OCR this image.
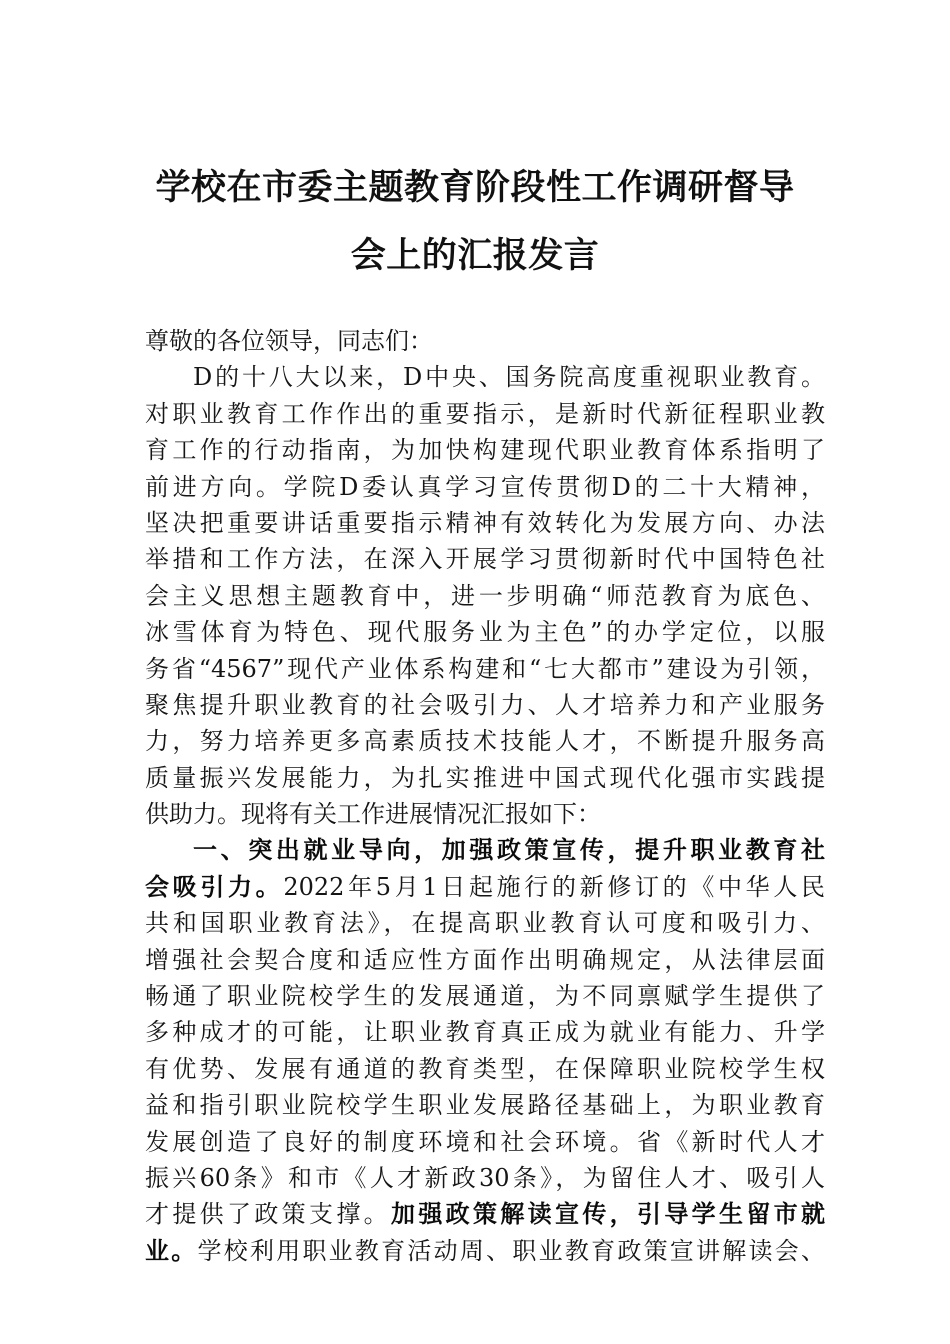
学校在市委主题教育阶段性工作调研督导
会上的汇报发言
尊敬的各位领导，同志们：
D的十八大以来，D中央、国务院高度重视职业教育。
对职业教育工作作出的重要指示，是新时代新征程职业教
育工作的行动指南，为加快构建现代职业教育体系指明了
前进方向。学院D委认真学习宣传贯彻D的二十大精神，
坚决把重要讲话重要指示精神有效转化为发展方向、办法
举措和工作方法，在深入开展学习贯彻新时代中国特色社
会主义思想主题教育中，进一步明确“师范教育为底色、
冰雪体育为特色、现代服务业为主色”的办学定位，以服
务省“4567”现代产业体系构建和“七大都市”建设为引领，
聚焦提升职业教育的社会吸引力、人才培养力和产业服务
力，努力培养更多高素质技术技能人才，不断提升服务高
质量振兴发展能力，为扎实推进中国式现代化强市实践提
供助力。现将有关工作进展情况汇报如下：
一、突出就业导向，加强政策宣传，提升职业教育社
会吸引力。2022年5月1日起施行的新修订的《中华人民
共和国职业教育法》，在提高职业教育认可度和吸引力、
增强社会契合度和适应性方面作出明确规定，从法律层面
畅通了职业院校学生的发展通道，为不同禀赋学生提供了
多种成才的可能，让职业教育真正成为就业有能力、升学
有优势、发展有通道的教育类型，在保障职业院校学生权
益和指引职业院校学生职业发展路径基础上，为职业教育
发展创造了良好的制度环境和社会环境。省《新时代人才
振兴60条》和市《人才新政30条》，为留住人才、吸引人
才提供了政策支撑。加强政策解读宣传，引导学生留市就
业。学校利用职业教育活动周、职业教育政策宣讲解读会、
